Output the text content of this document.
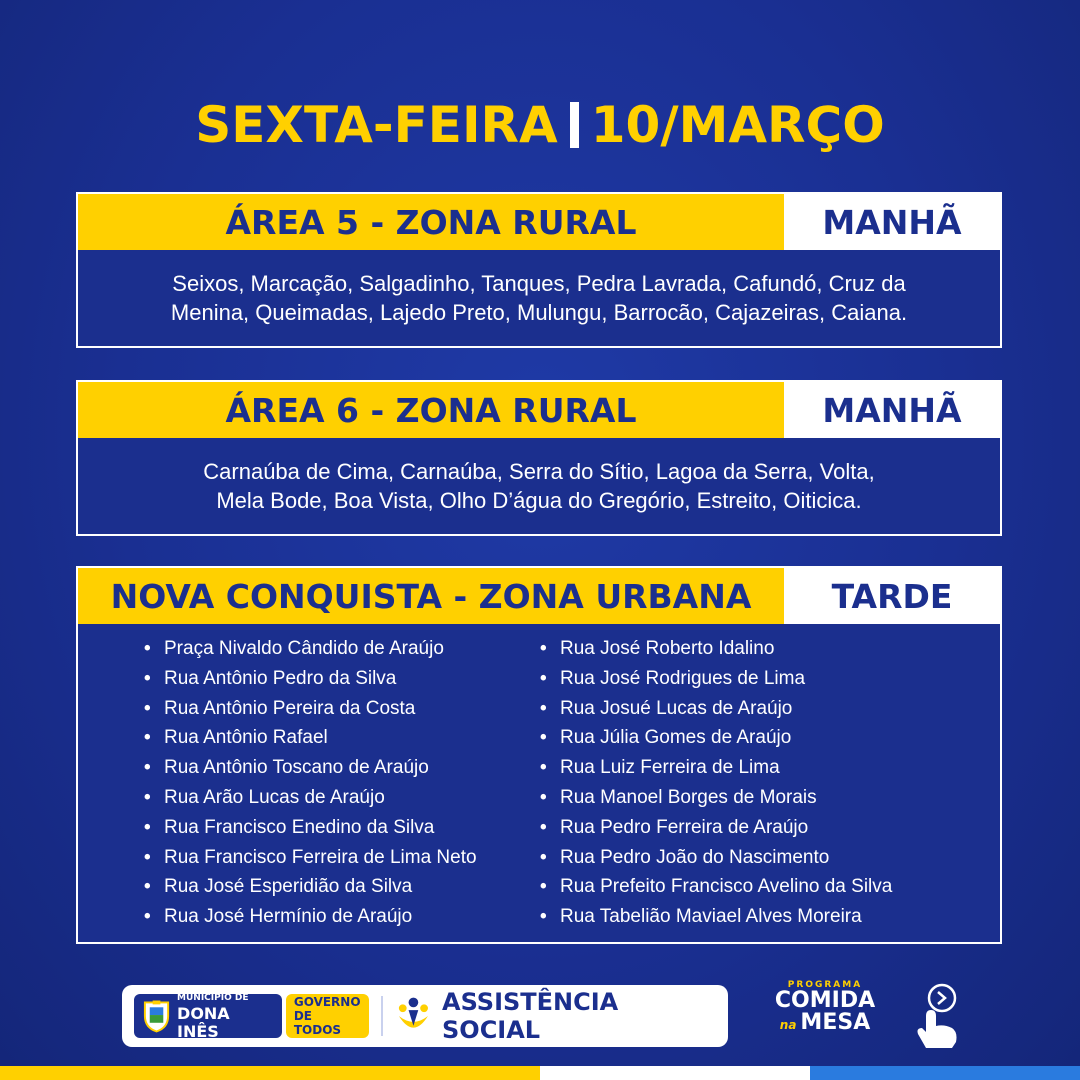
SEXTA-FEIRA 10/MARÇO
ÁREA 5 - ZONA RURAL	MANHÃ
Seixos, Marcação, Salgadinho, Tanques, Pedra Lavrada, Cafundó, Cruz da
Menina, Queimadas, Lajedo Preto, Mulungu, Barrocão, Cajazeiras, Caiana.
ÁREA 6 - ZONA RURAL	MANHÃ
Carnaúba de Cima, Carnaúba, Serra do Sítio, Lagoa da Serra, Volta,
Mela Bode, Boa Vista, Olho D’água do Gregório, Estreito, Oiticica.
NOVA CONQUISTA - ZONA URBANA	TARDE
• Praça Nivaldo Cândido de Araújo
• Rua Antônio Pedro da Silva
• Rua Antônio Pereira da Costa
• Rua Antônio Rafael
• Rua Antônio Toscano de Araújo
• Rua Arão Lucas de Araújo
• Rua Francisco Enedino da Silva
• Rua Francisco Ferreira de Lima Neto
• Rua José Esperidião da Silva
• Rua José Hermínio de Araújo
• Rua José Roberto Idalino
• Rua José Rodrigues de Lima
• Rua Josué Lucas de Araújo
• Rua Júlia Gomes de Araújo
• Rua Luiz Ferreira de Lima
• Rua Manoel Borges de Morais
• Rua Pedro Ferreira de Araújo
• Rua Pedro João do Nascimento
• Rua Prefeito Francisco Avelino da Silva
• Rua Tabelião Maviael Alves Moreira
MUNICÍPIO DE
DONA INÊS
GOVERNO
DE TODOS
ASSISTÊNCIA SOCIAL
PROGRAMA
COMIDA
na MESA
